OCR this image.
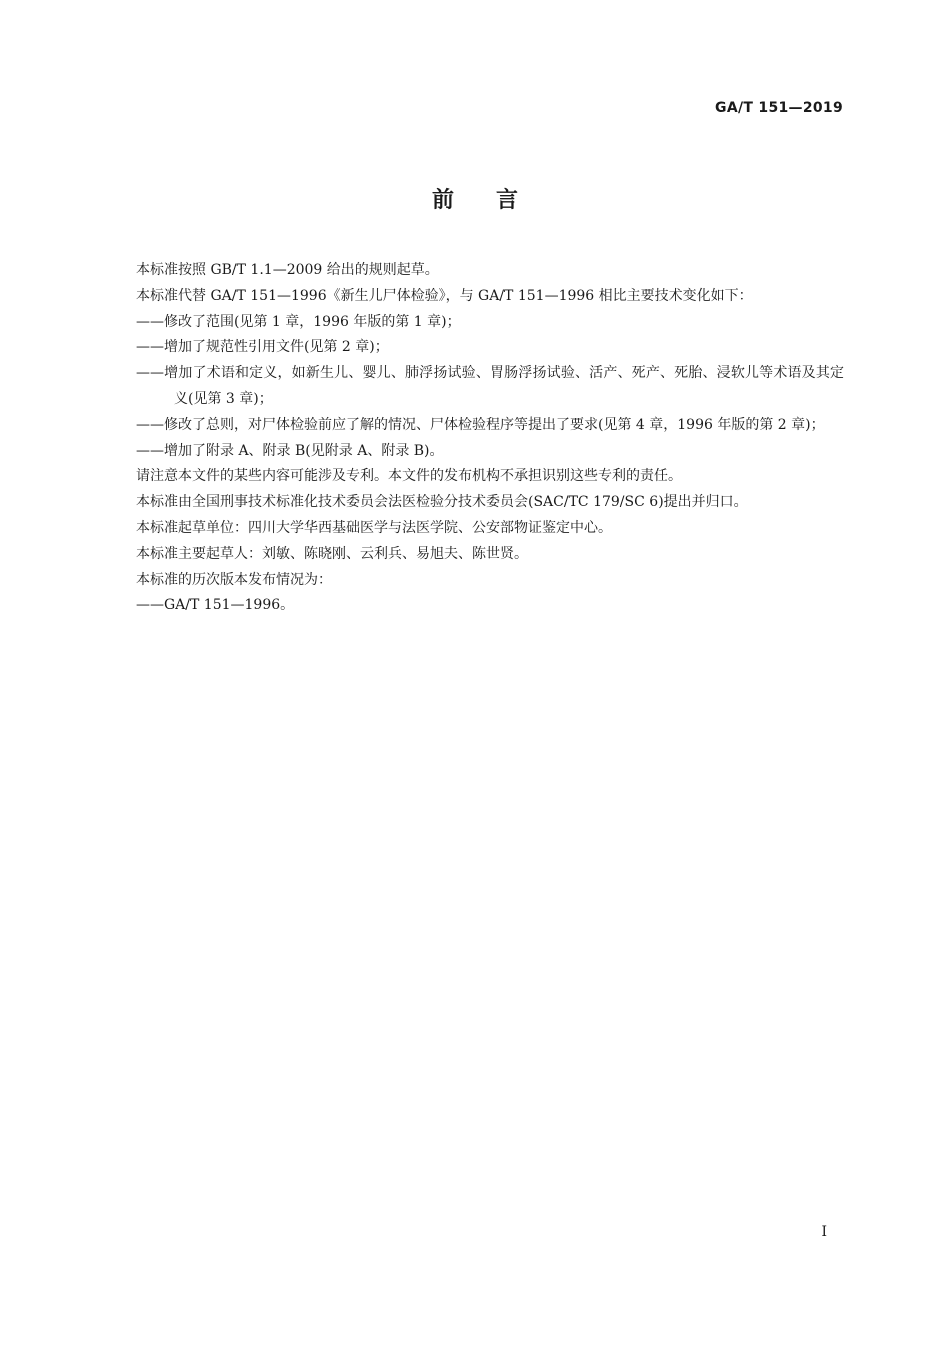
GA/T 151—2019
前言

本标准按照 GB/T 1.1—2009 给出的规则起草。

本标准代替 GA/T 151—1996《新生儿尸体检验》，与 GA/T 151—1996 相比主要技术变化如下：

——修改了范围(见第 1 章，1996 年版的第 1 章)；

——增加了规范性引用文件(见第 2 章)；

——增加了术语和定义，如新生儿、婴儿、肺浮扬试验、胃肠浮扬试验、活产、死产、死胎、浸软儿等术语及其定义(见第 3 章)；

——修改了总则，对尸体检验前应了解的情况、尸体检验程序等提出了要求(见第 4 章，1996 年版的第 2 章)；

——增加了附录 A、附录 B(见附录 A、附录 B)。

请注意本文件的某些内容可能涉及专利。本文件的发布机构不承担识别这些专利的责任。

本标准由全国刑事技术标准化技术委员会法医检验分技术委员会(SAC/TC 179/SC 6)提出并归口。

本标准起草单位：四川大学华西基础医学与法医学院、公安部物证鉴定中心。

本标准主要起草人：刘敏、陈晓刚、云利兵、易旭夫、陈世贤。

本标准的历次版本发布情况为：

——GA/T 151—1996。

I
